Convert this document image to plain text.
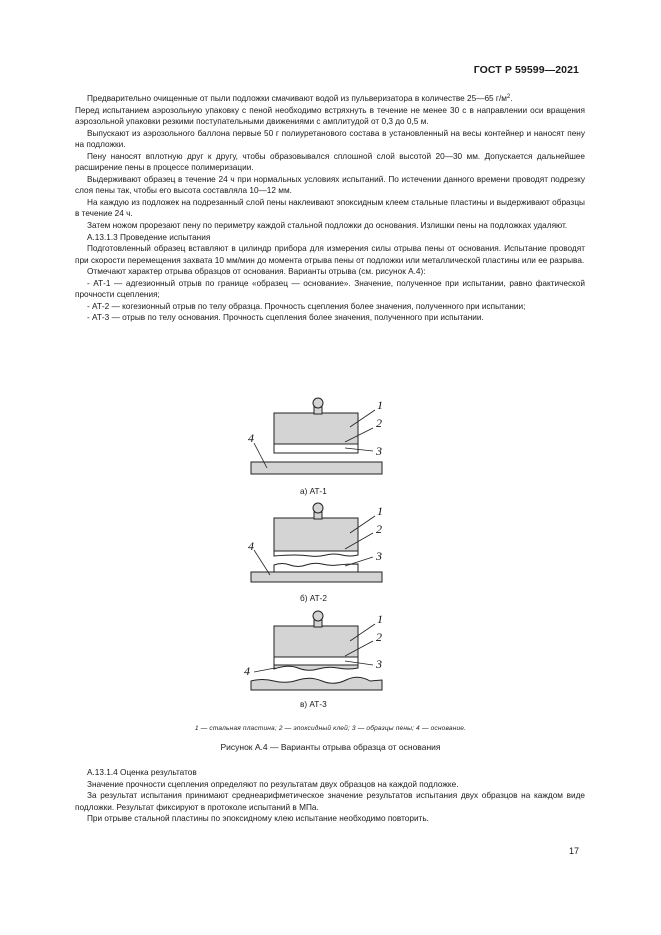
ГОСТ Р 59599—2021

Предварительно очищенные от пыли подложки смачивают водой из пульверизатора в количестве 25—65 $г/м^2$.

Перед испытанием аэрозольную упаковку с пеной необходимо встряхнуть в течение не менее 30 с в направлении оси вращения аэрозольной упаковки резкими поступательными движениями с амплитудой от 0,3 до 0,5 м.

Выпускают из аэрозольного баллона первые 50 г полиуретанового состава в установленный на весы контейнер и наносят пену на подложки.

Пену наносят вплотную друг к другу, чтобы образовывался сплошной слой высотой 20—30 мм. Допускается дальнейшее расширение пены в процессе полимеризации.

Выдерживают образец в течение 24 ч при нормальных условиях испытаний. По истечении данного времени проводят подрезку слоя пены так, чтобы его высота составляла 10—12 мм.

На каждую из подложек на подрезанный слой пены наклеивают эпоксидным клеем стальные пластины и выдерживают образцы в течение 24 ч.

Затем ножом прорезают пену по периметру каждой стальной подложки до основания. Излишки пены на подложках удаляют.

А.13.1.3 Проведение испытания

Подготовленный образец вставляют в цилиндр прибора для измерения силы отрыва пены от основания. Испытание проводят при скорости перемещения захвата 10 мм/мин до момента отрыва пены от подложки или металлической пластины или ее разрыва.

Отмечают характер отрыва образцов от основания. Варианты отрыва (см. рисунок А.4):

- АТ-1 — адгезионный отрыв по границе «образец — основание». Значение, полученное при испытании, равно фактической прочности сцепления;

- АТ-2 — когезионный отрыв по телу образца. Прочность сцепления более значения, полученного при испытании;

- АТ-3 — отрыв по телу основания. Прочность сцепления более значения, полученного при испытании.

1
2
3
4
1
2
3
4
1
2
3
4
а) АТ-1
б) АТ-2
в) АТ-3
1 — стальная пластина; 2 — эпоксидный клей; 3 — образцы пены; 4 — основание.
Рисунок А.4 — Варианты отрыва образца от основания

А.13.1.4 Оценка результатов

Значение прочности сцепления определяют по результатам двух образцов на каждой подложке.

За результат испытания принимают среднеарифметическое значение результатов испытания двух образцов на каждом виде подложки. Результат фиксируют в протоколе испытаний в МПа.

При отрыве стальной пластины по эпоксидному клею испытание необходимо повторить.

17
